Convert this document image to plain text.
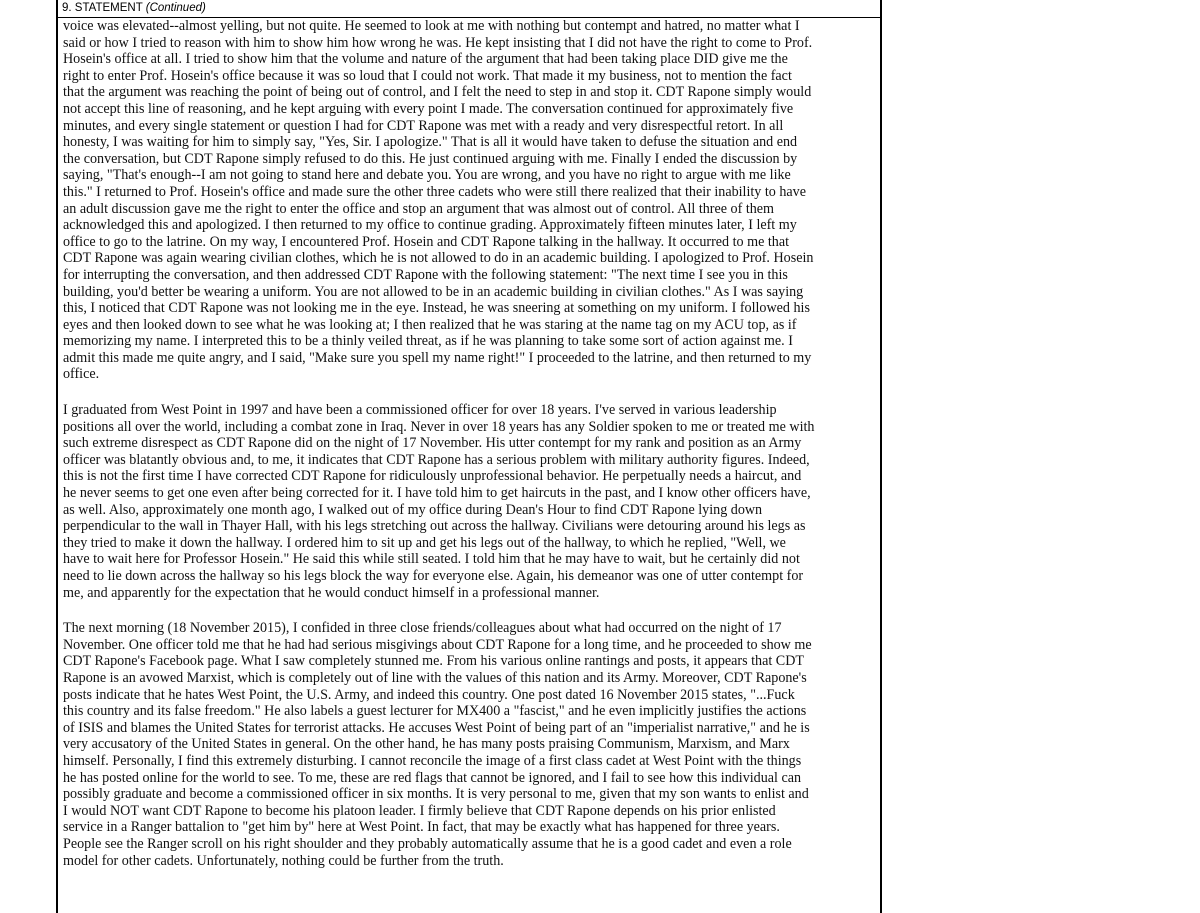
9. STATEMENT (Continued)

voice was elevated--almost yelling, but not quite. He seemed to look at me with nothing but contempt and hatred, no matter what I
said or how I tried to reason with him to show him how wrong he was. He kept insisting that I did not have the right to come to Prof.
Hosein's office at all. I tried to show him that the volume and nature of the argument that had been taking place DID give me the
right to enter Prof. Hosein's office because it was so loud that I could not work. That made it my business, not to mention the fact
that the argument was reaching the point of being out of control, and I felt the need to step in and stop it. CDT Rapone simply would
not accept this line of reasoning, and he kept arguing with every point I made. The conversation continued for approximately five
minutes, and every single statement or question I had for CDT Rapone was met with a ready and very disrespectful retort. In all
honesty, I was waiting for him to simply say, "Yes, Sir. I apologize." That is all it would have taken to defuse the situation and end
the conversation, but CDT Rapone simply refused to do this. He just continued arguing with me. Finally I ended the discussion by
saying, "That's enough--I am not going to stand here and debate you. You are wrong, and you have no right to argue with me like
this." I returned to Prof. Hosein's office and made sure the other three cadets who were still there realized that their inability to have
an adult discussion gave me the right to enter the office and stop an argument that was almost out of control. All three of them
acknowledged this and apologized. I then returned to my office to continue grading. Approximately fifteen minutes later, I left my
office to go to the latrine. On my way, I encountered Prof. Hosein and CDT Rapone talking in the hallway. It occurred to me that
CDT Rapone was again wearing civilian clothes, which he is not allowed to do in an academic building. I apologized to Prof. Hosein
for interrupting the conversation, and then addressed CDT Rapone with the following statement: "The next time I see you in this
building, you'd better be wearing a uniform. You are not allowed to be in an academic building in civilian clothes." As I was saying
this, I noticed that CDT Rapone was not looking me in the eye. Instead, he was sneering at something on my uniform. I followed his
eyes and then looked down to see what he was looking at; I then realized that he was staring at the name tag on my ACU top, as if
memorizing my name. I interpreted this to be a thinly veiled threat, as if he was planning to take some sort of action against me. I
admit this made me quite angry, and I said, "Make sure you spell my name right!" I proceeded to the latrine, and then returned to my
office.

I graduated from West Point in 1997 and have been a commissioned officer for over 18 years. I've served in various leadership
positions all over the world, including a combat zone in Iraq. Never in over 18 years has any Soldier spoken to me or treated me with
such extreme disrespect as CDT Rapone did on the night of 17 November. His utter contempt for my rank and position as an Army
officer was blatantly obvious and, to me, it indicates that CDT Rapone has a serious problem with military authority figures. Indeed,
this is not the first time I have corrected CDT Rapone for ridiculously unprofessional behavior. He perpetually needs a haircut, and
he never seems to get one even after being corrected for it. I have told him to get haircuts in the past, and I know other officers have,
as well. Also, approximately one month ago, I walked out of my office during Dean's Hour to find CDT Rapone lying down
perpendicular to the wall in Thayer Hall, with his legs stretching out across the hallway. Civilians were detouring around his legs as
they tried to make it down the hallway. I ordered him to sit up and get his legs out of the hallway, to which he replied, "Well, we
have to wait here for Professor Hosein." He said this while still seated. I told him that he may have to wait, but he certainly did not
need to lie down across the hallway so his legs block the way for everyone else. Again, his demeanor was one of utter contempt for
me, and apparently for the expectation that he would conduct himself in a professional manner.

The next morning (18 November 2015), I confided in three close friends/colleagues about what had occurred on the night of 17
November. One officer told me that he had had serious misgivings about CDT Rapone for a long time, and he proceeded to show me
CDT Rapone's Facebook page. What I saw completely stunned me. From his various online rantings and posts, it appears that CDT
Rapone is an avowed Marxist, which is completely out of line with the values of this nation and its Army. Moreover, CDT Rapone's
posts indicate that he hates West Point, the U.S. Army, and indeed this country. One post dated 16 November 2015 states, "...Fuck
this country and its false freedom." He also labels a guest lecturer for MX400 a "fascist," and he even implicitly justifies the actions
of ISIS and blames the United States for terrorist attacks. He accuses West Point of being part of an "imperialist narrative," and he is
very accusatory of the United States in general. On the other hand, he has many posts praising Communism, Marxism, and Marx
himself. Personally, I find this extremely disturbing. I cannot reconcile the image of a first class cadet at West Point with the things
he has posted online for the world to see. To me, these are red flags that cannot be ignored, and I fail to see how this individual can
possibly graduate and become a commissioned officer in six months. It is very personal to me, given that my son wants to enlist and
I would NOT want CDT Rapone to become his platoon leader. I firmly believe that CDT Rapone depends on his prior enlisted
service in a Ranger battalion to "get him by" here at West Point. In fact, that may be exactly what has happened for three years.
People see the Ranger scroll on his right shoulder and they probably automatically assume that he is a good cadet and even a role
model for other cadets. Unfortunately, nothing could be further from the truth.
